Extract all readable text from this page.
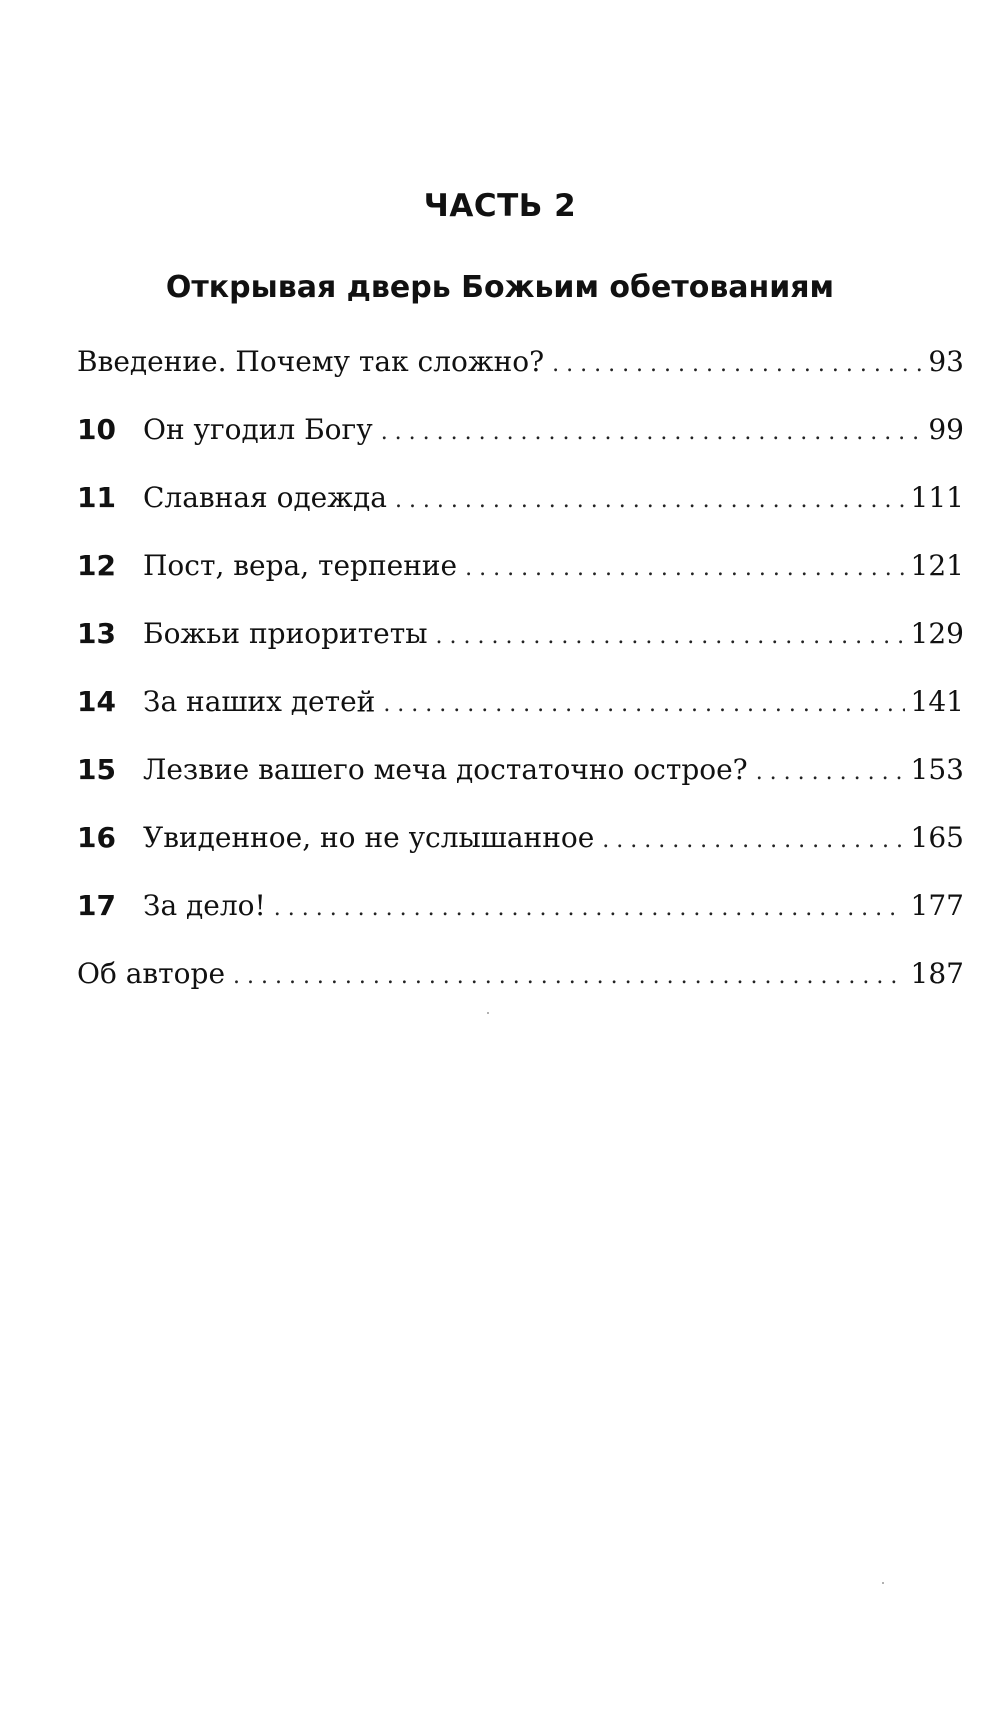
ЧАСТЬ 2
Открывая дверь Божьим обетованиям
Введение. Почему так сложно? . . .	93
10 Он угодил Богу . . .	99
11 Славная одежда . . .	111
12 Пост, вера, терпение . . .	121
13 Божьи приоритеты . . .	129
14 За наших детей . . .	141
15 Лезвие вашего меча достаточно острое? . . .	153
16 Увиденное, но не услышанное . . .	165
17 За дело! . . .	177
Об авторе . . .	187
